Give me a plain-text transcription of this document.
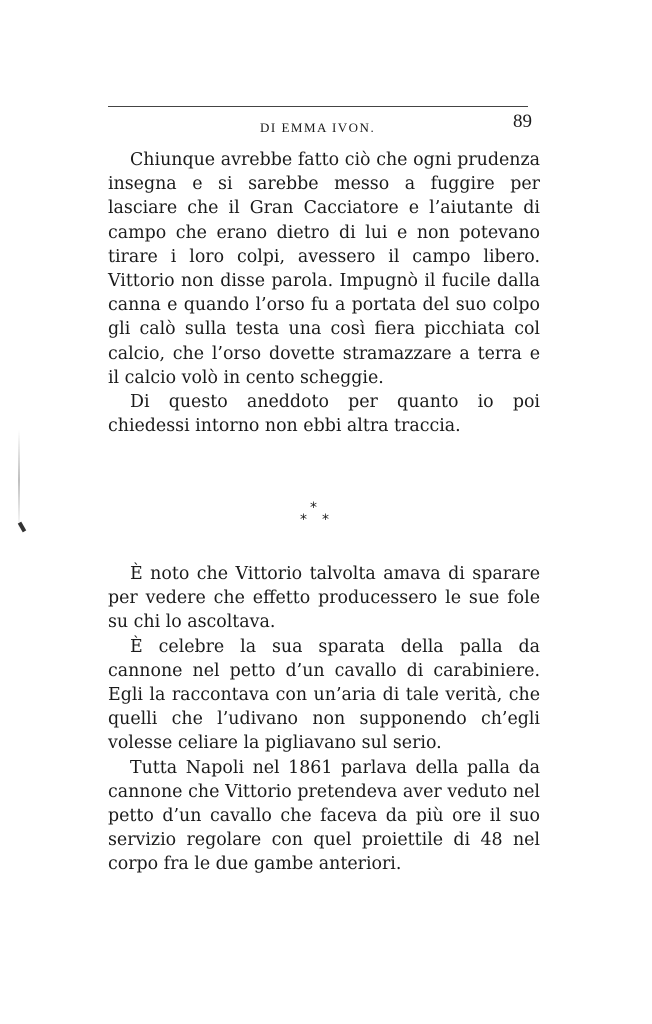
DI EMMA IVON.	89

Chiunque avrebbe fatto ciò che ogni prudenza insegna e si sarebbe messo a fuggire per lasciare che il Gran Cacciatore e l’aiutante di campo che erano dietro di lui e non potevano tirare i loro colpi, avessero il campo libero. Vittorio non disse parola. Impugnò il fucile dalla canna e quando l’orso fu a portata del suo colpo gli calò sulla testa una così fiera picchiata col calcio, che l’orso dovette stramazzare a terra e il calcio volò in cento scheggie.

Di questo aneddoto per quanto io poi chiedessi intorno non ebbi altra traccia.

*
* *

È noto che Vittorio talvolta amava di sparare per vedere che effetto producessero le sue fole su chi lo ascoltava.

È celebre la sua sparata della palla da cannone nel petto d’un cavallo di carabiniere. Egli la raccontava con un’aria di tale verità, che quelli che l’udivano non supponendo ch’egli volesse celiare la pigliavano sul serio.

Tutta Napoli nel 1861 parlava della palla da cannone che Vittorio pretendeva aver veduto nel petto d’un cavallo che faceva da più ore il suo servizio regolare con quel proiettile di 48 nel corpo fra le due gambe anteriori.
